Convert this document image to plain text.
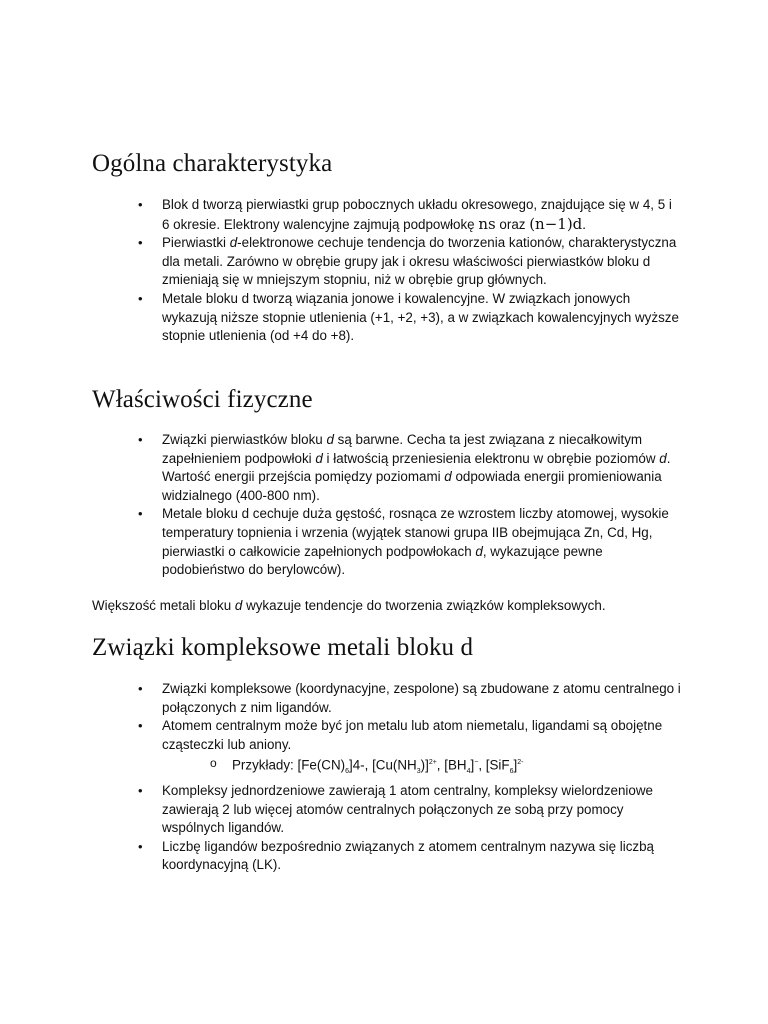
Ogólna charakterystyka
• Blok d tworzą pierwiastki grup pobocznych układu okresowego, znajdujące się w 4, 5 i 6 okresie. Elektrony walencyjne zajmują podpowłokę ns oraz (n−1)d.
• Pierwiastki d-elektronowe cechuje tendencja do tworzenia kationów, charakterystyczna dla metali. Zarówno w obrębie grupy jak i okresu właściwości pierwiastków bloku d zmieniają się w mniejszym stopniu, niż w obrębie grup głównych.
• Metale bloku d tworzą wiązania jonowe i kowalencyjne. W związkach jonowych wykazują niższe stopnie utlenienia (+1, +2, +3), a w związkach kowalencyjnych wyższe stopnie utlenienia (od +4 do +8).
Właściwości fizyczne
• Związki pierwiastków bloku d są barwne. Cecha ta jest związana z niecałkowitym zapełnieniem podpowłoki d i łatwością przeniesienia elektronu w obrębie poziomów d. Wartość energii przejścia pomiędzy poziomami d odpowiada energii promieniowania widzialnego (400-800 nm).
• Metale bloku d cechuje duża gęstość, rosnąca ze wzrostem liczby atomowej, wysokie temperatury topnienia i wrzenia (wyjątek stanowi grupa IIB obejmująca Zn, Cd, Hg, pierwiastki o całkowicie zapełnionych podpowłokach d, wykazujące pewne podobieństwo do berylowców).

Większość metali bloku d wykazuje tendencje do tworzenia związków kompleksowych.

Związki kompleksowe metali bloku d
• Związki kompleksowe (koordynacyjne, zespolone) są zbudowane z atomu centralnego i połączonych z nim ligandów.
• Atomem centralnym może być jon metalu lub atom niemetalu, ligandami są obojętne cząsteczki lub aniony.
o Przykłady: $[Fe(CN)_6]4-$, $[Cu(NH_3)]^{2+}$, $[BH_4]^-$, $[SiF_6]^{2-}$
• Kompleksy jednordzeniowe zawierają 1 atom centralny, kompleksy wielordzeniowe zawierają 2 lub więcej atomów centralnych połączonych ze sobą przy pomocy wspólnych ligandów.
• Liczbę ligandów bezpośrednio związanych z atomem centralnym nazywa się liczbą koordynacyjną (LK).
